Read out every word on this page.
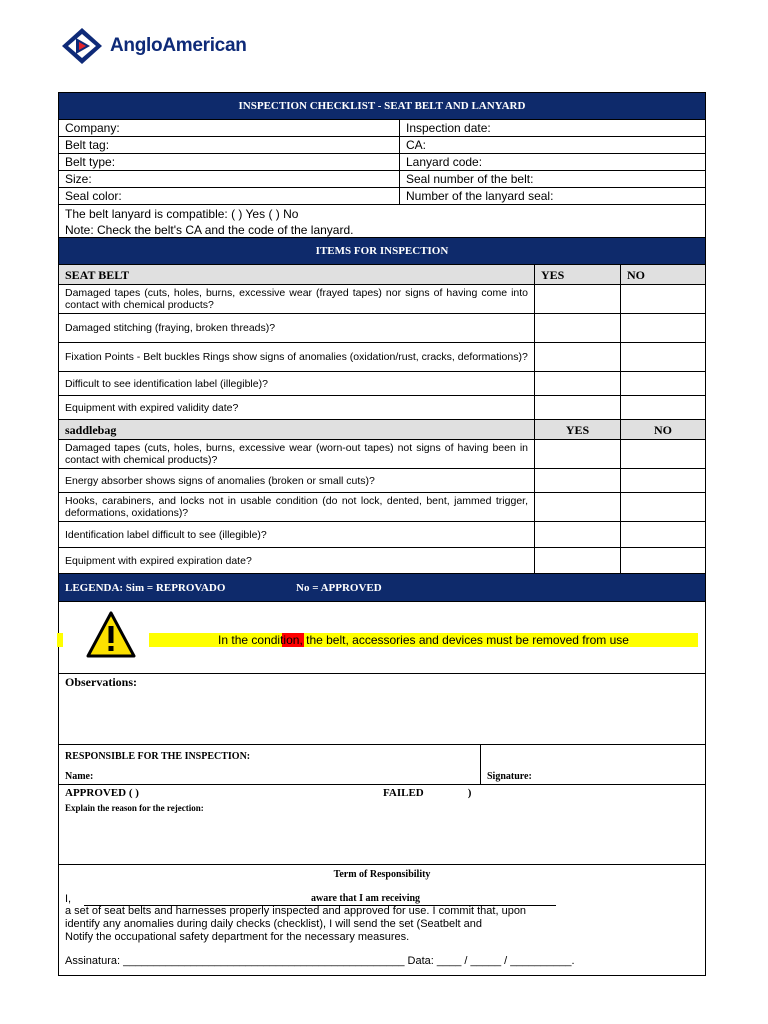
AngloAmerican
INSPECTION CHECKLIST - SEAT BELT AND LANYARD
Company:	Inspection date:
Belt tag:	CA:
Belt type:	Lanyard code:
Size:	Seal number of the belt:
Seal color:	Number of the lanyard seal:
The belt lanyard is compatible: ( ) Yes ( ) No
Note: Check the belt's CA and the code of the lanyard.
ITEMS FOR INSPECTION
SEAT BELT	YES	NO
Damaged tapes (cuts, holes, burns, excessive wear (frayed tapes) nor signs of having come into contact with chemical products?
Damaged stitching (fraying, broken threads)?
Fixation Points - Belt buckles Rings show signs of anomalies (oxidation/rust, cracks, deformations)?
Difficult to see identification label (illegible)?
Equipment with expired validity date?
saddlebag	YES	NO
Damaged tapes (cuts, holes, burns, excessive wear (worn-out tapes) not signs of having been in contact with chemical products)?
Energy absorber shows signs of anomalies (broken or small cuts)?
Hooks, carabiners, and locks not in usable condition (do not lock, dented, bent, jammed trigger, deformations, oxidations)?
Identification label difficult to see (illegible)?
Equipment with expired expiration date?
LEGENDA: Sim = REPROVADO	No = APPROVED
Observations:
RESPONSIBLE FOR THE INSPECTION:
Name:	Signature:
APPROVED ( )	FAILED                )
Explain the reason for the rejection:
Term of Responsibility
I,	aware that I am receiving
a set of seat belts and harnesses properly inspected and approved for use. I commit that, upon
identify any anomalies during daily checks (checklist), I will send the set (Seatbelt and
Notify the occupational safety department for the necessary measures.
Assinatura: ______________________________________________ Data: ____ / _____ / __________.
In the condition, the belt, accessories and devices must be removed from use
